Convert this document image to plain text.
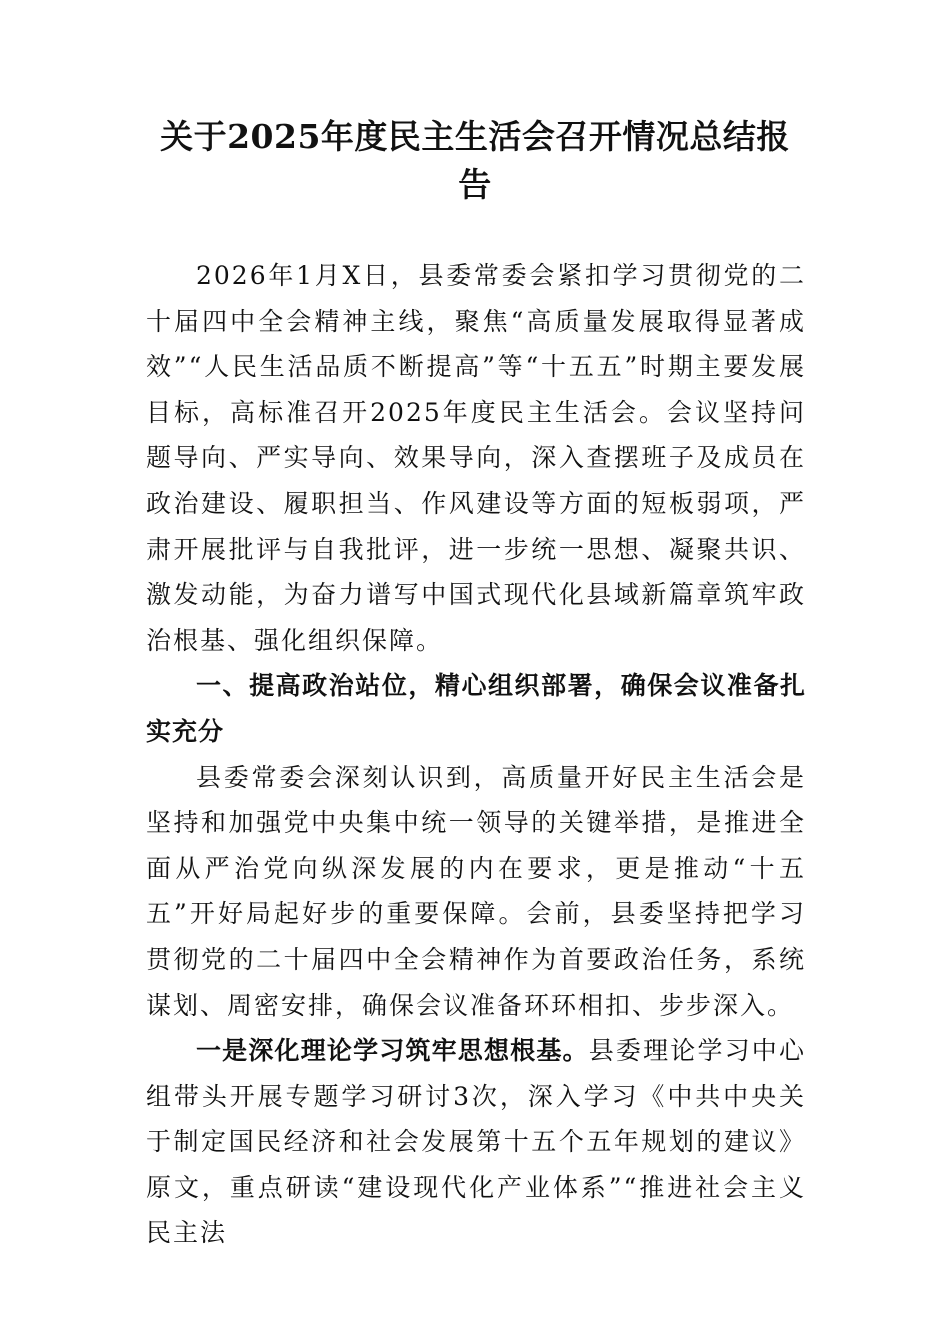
关于2025年度民主生活会召开情况总结报告

2026年1月X日，县委常委会紧扣学习贯彻党的二十届四中全会精神主线，聚焦“高质量发展取得显著成效”“人民生活品质不断提高”等“十五五”时期主要发展目标，高标准召开2025年度民主生活会。会议坚持问题导向、严实导向、效果导向，深入查摆班子及成员在政治建设、履职担当、作风建设等方面的短板弱项，严肃开展批评与自我批评，进一步统一思想、凝聚共识、激发动能，为奋力谱写中国式现代化县域新篇章筑牢政治根基、强化组织保障。

一、提高政治站位，精心组织部署，确保会议准备扎实充分

县委常委会深刻认识到，高质量开好民主生活会是坚持和加强党中央集中统一领导的关键举措，是推进全面从严治党向纵深发展的内在要求，更是推动“十五五”开好局起好步的重要保障。会前，县委坚持把学习贯彻党的二十届四中全会精神作为首要政治任务，系统谋划、周密安排，确保会议准备环环相扣、步步深入。

一是深化理论学习筑牢思想根基。县委理论学习中心组带头开展专题学习研讨3次，深入学习《中共中央关于制定国民经济和社会发展第十五个五年规划的建议》原文，重点研读“建设现代化产业体系”“推进社会主义民主法
